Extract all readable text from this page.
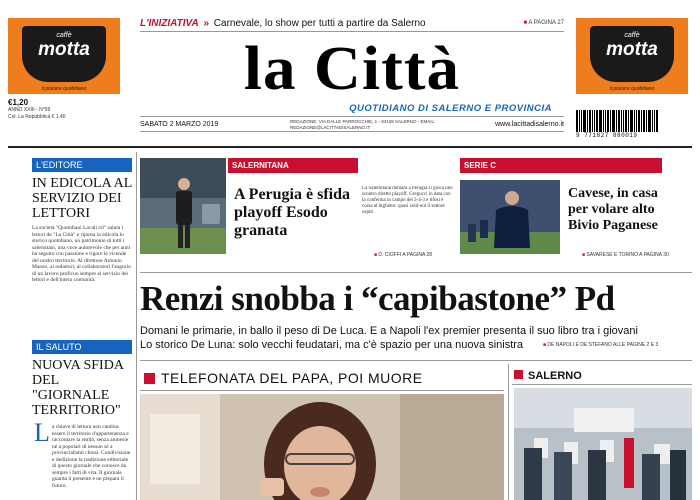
caffè
motta
il piacere quotidiano
caffè
motta
il piacere quotidiano
L'INIZIATIVA » Carnevale, lo show per tutti a partire da Salerno	■ A PAGINA 27
la Città
QUOTIDIANO DI SALERNO E PROVINCIA
SABATO 2 MARZO 2019	REDAZIONE: VIA DALLE PARROCCHIE, 1 - 84128 SALERNO - EMAIL: REDAZIONE@LACITTADISALERNO.IT	www.lacittadisalerno.it
€1,20
ANNO XXIII - N°59
Col. La Repubblica € 1,40
9 771827 880019
L'EDITORE
IN EDICOLA AL SERVIZIO DEI LETTORI
La società "Quotidiani Locali srl" saluta i lettori de "La Città" e riporta in edicola lo storico quotidiano, un patrimonio di tutti i salernitani, una voce autorevole che per anni ha seguito con passione e rigore le vicende del nostro territorio. Al direttore Antonio Manzo, ai redattori, ai collaboratori l'augurio di un lavoro proficuo sempre al servizio dei lettori e dell'intera comunità.
IL SALUTO
NUOVA SFIDA DEL "GIORNALE TERRITORIO"
L a chiave di lettura non cambia: essere il territorio d'appartenenza e raccontare la realtà, senza amnesie né a popolari di nessun sé a provincialismi chiusi. Condivisione e dedizione la tradizione editoriale di questo giornale che conosce da sempre i fatti di vita. Il giornale guarda il presente e ne prepara il futuro.
SALERNITANA
A Perugia è sfida playoff Esodo granata
La Salernitana domani a Perugia si gioca uno scontro diretto playoff. Gregucci in data con la conferma in campo del 3-4-3 e tifosi è corsa al biglietto: quasi sold-out il settore ospiti
■ D. CIOFFI A PAGINA 28
SERIE C
Cavese, in casa per volare alto Bivio Paganese
■ SAVARESE E TORINO A PAGINA 30
Renzi snobba i “capibastone” Pd
Domani le primarie, in ballo il peso di De Luca. E a Napoli l'ex premier presenta il suo libro tra i giovani
Lo storico De Luna: solo vecchi feudatari, ma c'è spazio per una nuova sinistra	■ DE NAPOLI E DE STEFANO ALLE PAGINE 2 E 3
TELEFONATA DEL PAPA, POI MUORE	SALERNO
